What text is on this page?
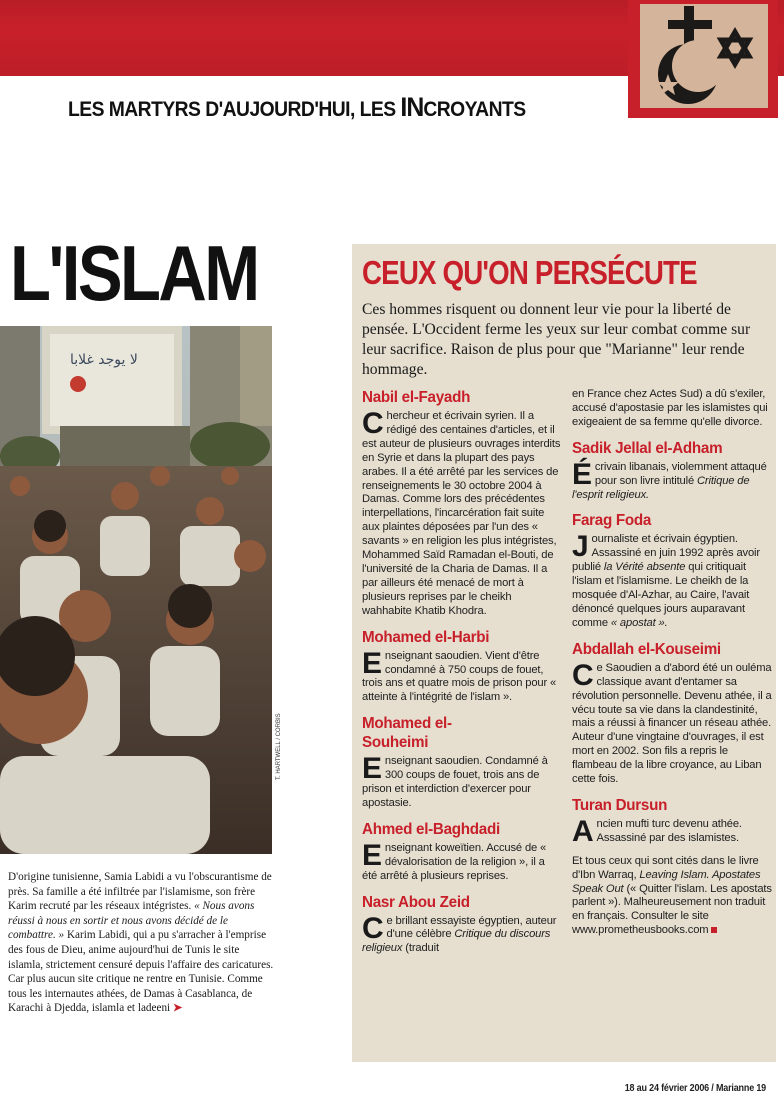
LES MARTYRS D'AUJOURD'HUI, LES INCROYANTS
L'ISLAM
لا يوجد غلابا
T. HARTWELL / CORBIS
D'origine tunisienne, Samia Labidi a vu l'obscurantisme de près. Sa famille a été infiltrée par l'islamisme, son frère Karim recruté par les réseaux intégristes. « Nous avons réussi à nous en sortir et nous avons décidé de le combattre. » Karim Labidi, qui a pu s'arracher à l'emprise des fous de Dieu, anime aujourd'hui de Tunis le site islamla, strictement censuré depuis l'affaire des caricatures. Car plus aucun site critique ne rentre en Tunisie. Comme tous les internautes athées, de Damas à Casablanca, de Karachi à Djedda, islamla et ladeeni ➤
CEUX QU'ON PERSÉCUTE
Ces hommes risquent ou donnent leur vie pour la liberté de pensée. L'Occident ferme les yeux sur leur combat comme sur leur sacrifice. Raison de plus pour que "Marianne" leur rende hommage.
Nabil el-Fayadh
Chercheur et écrivain syrien. Il a rédigé des centaines d'articles, et il est auteur de plusieurs ouvrages interdits en Syrie et dans la plupart des pays arabes. Il a été arrêté par les services de renseignements le 30 octobre 2004 à Damas. Comme lors des précédentes interpellations, l'incarcération fait suite aux plaintes déposées par l'un des « savants » en religion les plus intégristes, Mohammed Saïd Ramadan el-Bouti, de l'université de la Charia de Damas. Il a par ailleurs été menacé de mort à plusieurs reprises par le cheikh wahhabite Khatib Khodra.
Mohamed el-Harbi
Enseignant saoudien. Vient d'être condamné à 750 coups de fouet, trois ans et quatre mois de prison pour « atteinte à l'intégrité de l'islam ».
Mohamed el-Souheimi
Enseignant saoudien. Condamné à 300 coups de fouet, trois ans de prison et interdiction d'exercer pour apostasie.
Ahmed el-Baghdadi
Enseignant koweïtien. Accusé de « dévalorisation de la religion », il a été arrêté à plusieurs reprises.
Nasr Abou Zeid
Ce brillant essayiste égyptien, auteur d'une célèbre Critique du discours religieux (traduit
en France chez Actes Sud) a dû s'exiler, accusé d'apostasie par les islamistes qui exigeaient de sa femme qu'elle divorce.
Sadik Jellal el-Adham
Écrivain libanais, violemment attaqué pour son livre intitulé Critique de l'esprit religieux.
Farag Foda
Journaliste et écrivain égyptien. Assassiné en juin 1992 après avoir publié la Vérité absente qui critiquait l'islam et l'islamisme. Le cheikh de la mosquée d'Al-Azhar, au Caire, l'avait dénoncé quelques jours auparavant comme « apostat ».
Abdallah el-Kouseimi
Ce Saoudien a d'abord été un ouléma classique avant d'entamer sa révolution personnelle. Devenu athée, il a vécu toute sa vie dans la clandestinité, mais a réussi à financer un réseau athée. Auteur d'une vingtaine d'ouvrages, il est mort en 2002. Son fils a repris le flambeau de la libre croyance, au Liban cette fois.
Turan Dursun
Ancien mufti turc devenu athée. Assassiné par des islamistes.
Et tous ceux qui sont cités dans le livre d'Ibn Warraq, Leaving Islam. Apostates Speak Out (« Quitter l'islam. Les apostats parlent »). Malheureusement non traduit en français. Consulter le site www.prometheusbooks.com
18 au 24 février 2006 / Marianne 19
